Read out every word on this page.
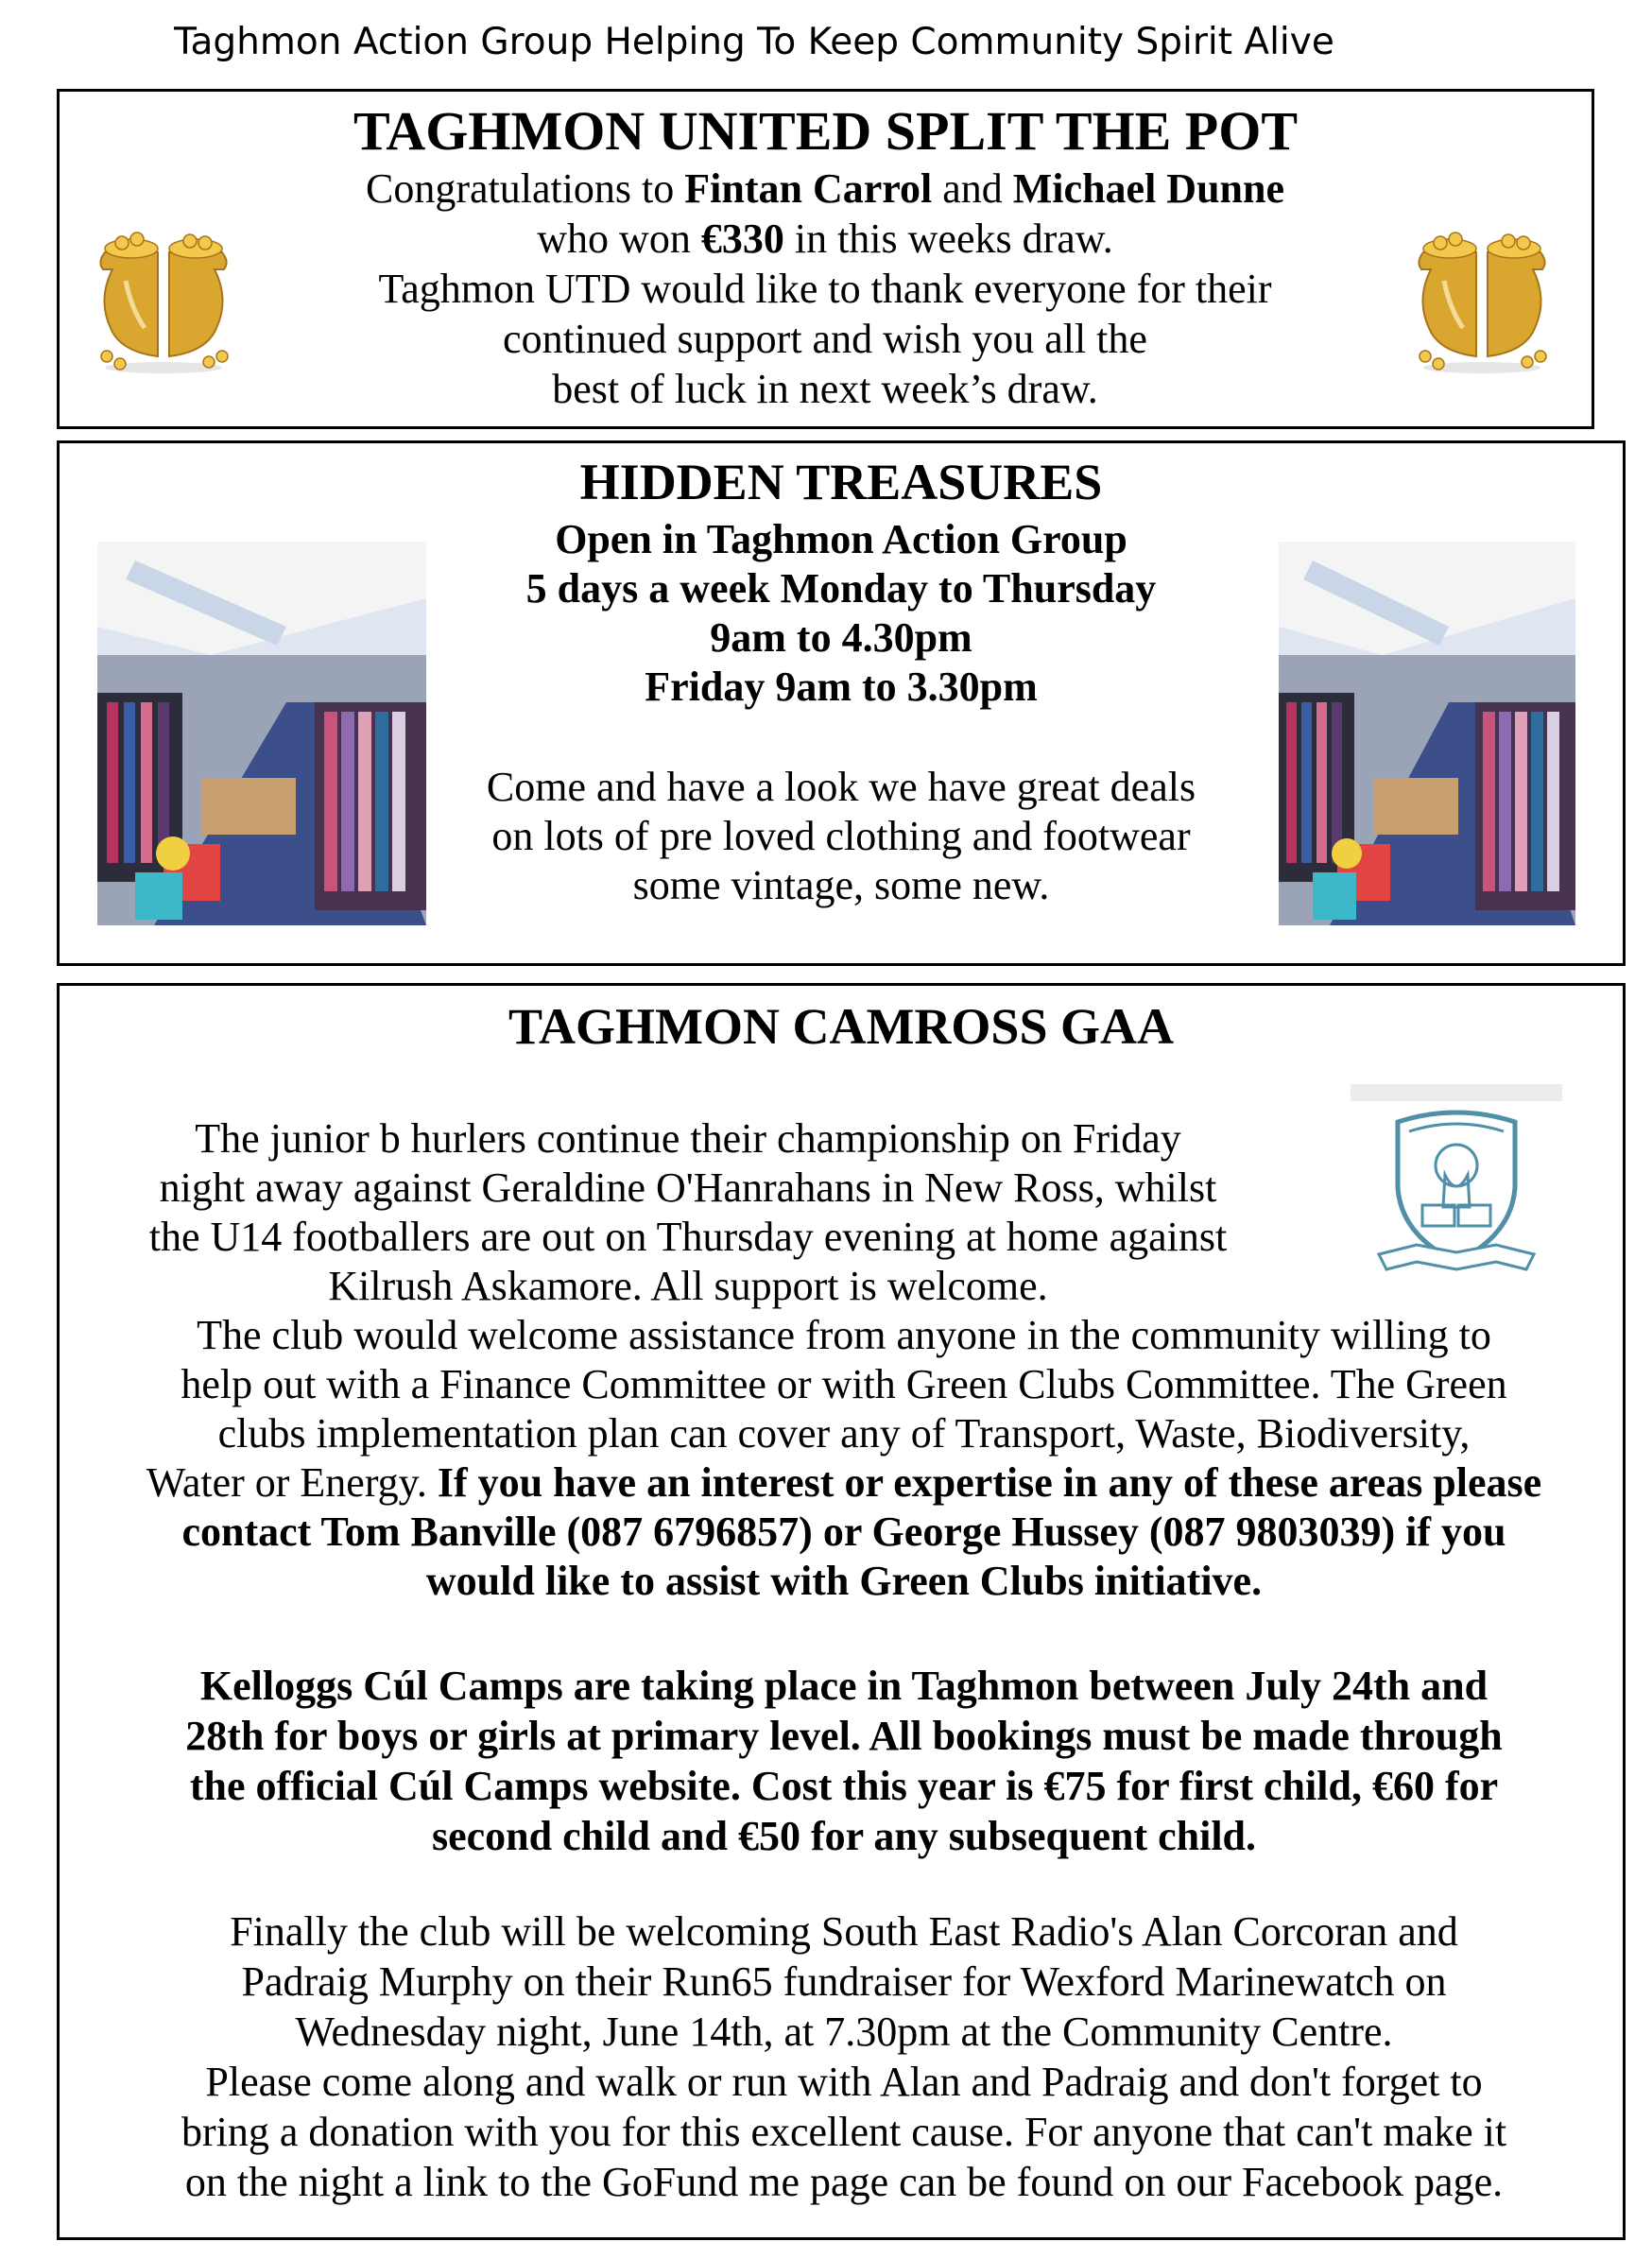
Taghmon Action Group Helping To Keep Community Spirit Alive
TAGHMON UNITED SPLIT THE POT
Congratulations to Fintan Carrol and Michael Dunne
who won €330 in this weeks draw.
Taghmon UTD would like to thank everyone for their
continued support and wish you all the
best of luck in next week’s draw.
HIDDEN TREASURES
Open in Taghmon Action Group
5 days a week Monday to Thursday
9am to 4.30pm
Friday 9am to 3.30pm
Come and have a look we have great deals
on lots of pre loved clothing and footwear
some vintage, some new.
TAGHMON CAMROSS GAA
The junior b hurlers continue their championship on Friday
night away against Geraldine O'Hanrahans in New Ross, whilst
the U14 footballers are out on Thursday evening at home against
Kilrush Askamore. All support is welcome.
The club would welcome assistance from anyone in the community willing to
help out with a Finance Committee or with Green Clubs Committee. The Green
clubs implementation plan can cover any of Transport, Waste, Biodiversity,
Water or Energy. If you have an interest or expertise in any of these areas please
contact Tom Banville (087 6796857) or George Hussey (087 9803039) if you
would like to assist with Green Clubs initiative.
Kelloggs Cúl Camps are taking place in Taghmon between July 24th and
28th for boys or girls at primary level. All bookings must be made through
the official Cúl Camps website. Cost this year is €75 for first child, €60 for
second child and €50 for any subsequent child.
Finally the club will be welcoming South East Radio's Alan Corcoran and
Padraig Murphy on their Run65 fundraiser for Wexford Marinewatch on
Wednesday night, June 14th, at 7.30pm at the Community Centre.
Please come along and walk or run with Alan and Padraig and don't forget to
bring a donation with you for this excellent cause. For anyone that can't make it
on the night a link to the GoFund me page can be found on our Facebook page.
